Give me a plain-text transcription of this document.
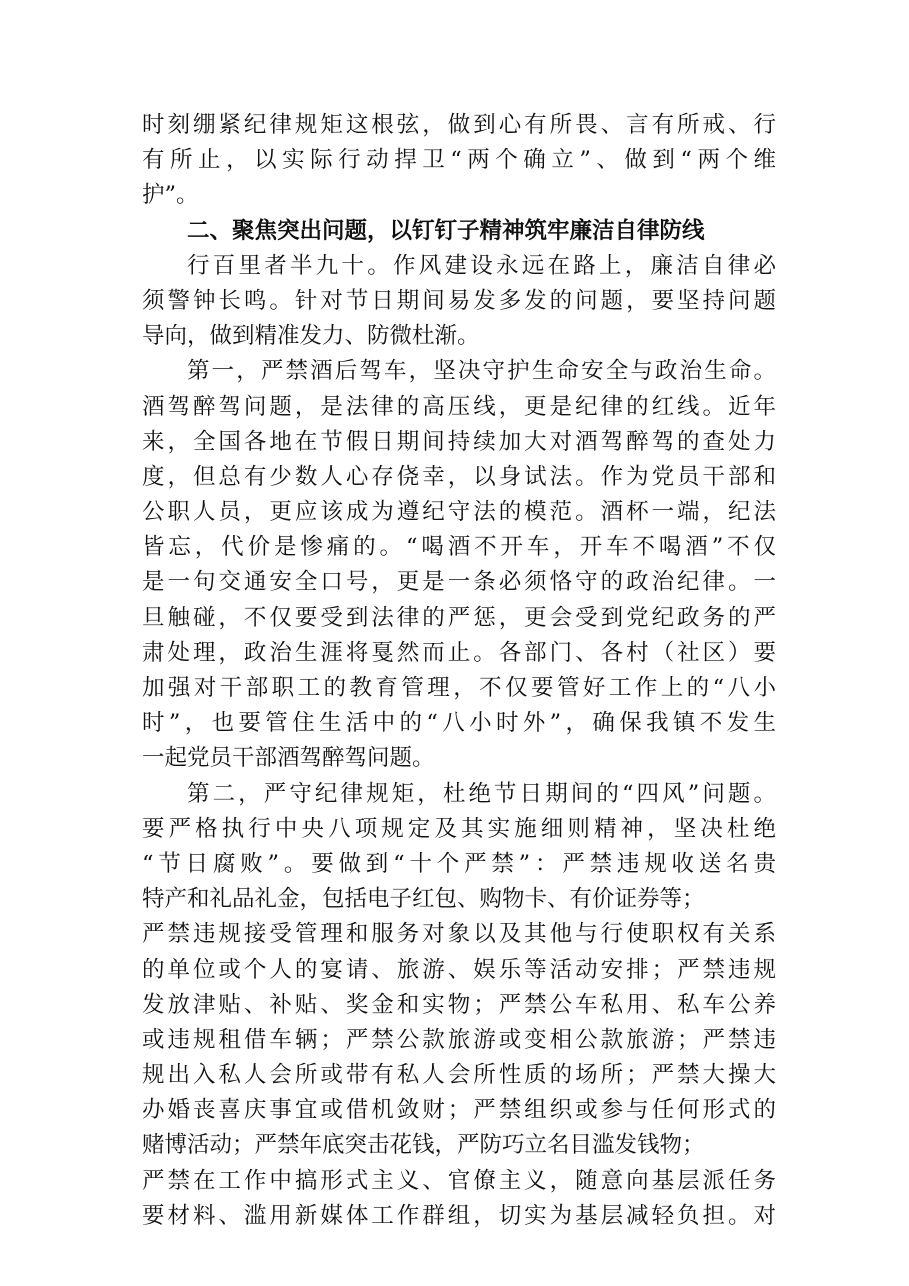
时刻绷紧纪律规矩这根弦，做到心有所畏、言有所戒、行
有所止，以实际行动捍卫“两个确立”、做到“两个维
护”。
二、聚焦突出问题，以钉钉子精神筑牢廉洁自律防线
行百里者半九十。作风建设永远在路上，廉洁自律必
须警钟长鸣。针对节日期间易发多发的问题，要坚持问题
导向，做到精准发力、防微杜渐。
第一，严禁酒后驾车，坚决守护生命安全与政治生命。
酒驾醉驾问题，是法律的高压线，更是纪律的红线。近年
来，全国各地在节假日期间持续加大对酒驾醉驾的查处力
度，但总有少数人心存侥幸，以身试法。作为党员干部和
公职人员，更应该成为遵纪守法的模范。酒杯一端，纪法
皆忘，代价是惨痛的。“喝酒不开车，开车不喝酒”不仅
是一句交通安全口号，更是一条必须恪守的政治纪律。一
旦触碰，不仅要受到法律的严惩，更会受到党纪政务的严
肃处理，政治生涯将戛然而止。各部门、各村（社区）要
加强对干部职工的教育管理，不仅要管好工作上的“八小
时”，也要管住生活中的“八小时外”，确保我镇不发生
一起党员干部酒驾醉驾问题。
第二，严守纪律规矩，杜绝节日期间的“四风”问题。
要严格执行中央八项规定及其实施细则精神，坚决杜绝
“节日腐败”。要做到“十个严禁”：严禁违规收送名贵
特产和礼品礼金，包括电子红包、购物卡、有价证券等；
严禁违规接受管理和服务对象以及其他与行使职权有关系
的单位或个人的宴请、旅游、娱乐等活动安排；严禁违规
发放津贴、补贴、奖金和实物；严禁公车私用、私车公养
或违规租借车辆；严禁公款旅游或变相公款旅游；严禁违
规出入私人会所或带有私人会所性质的场所；严禁大操大
办婚丧喜庆事宜或借机敛财；严禁组织或参与任何形式的
赌博活动；严禁年底突击花钱，严防巧立名目滥发钱物；
严禁在工作中搞形式主义、官僚主义，随意向基层派任务
要材料、滥用新媒体工作群组，切实为基层减轻负担。对
